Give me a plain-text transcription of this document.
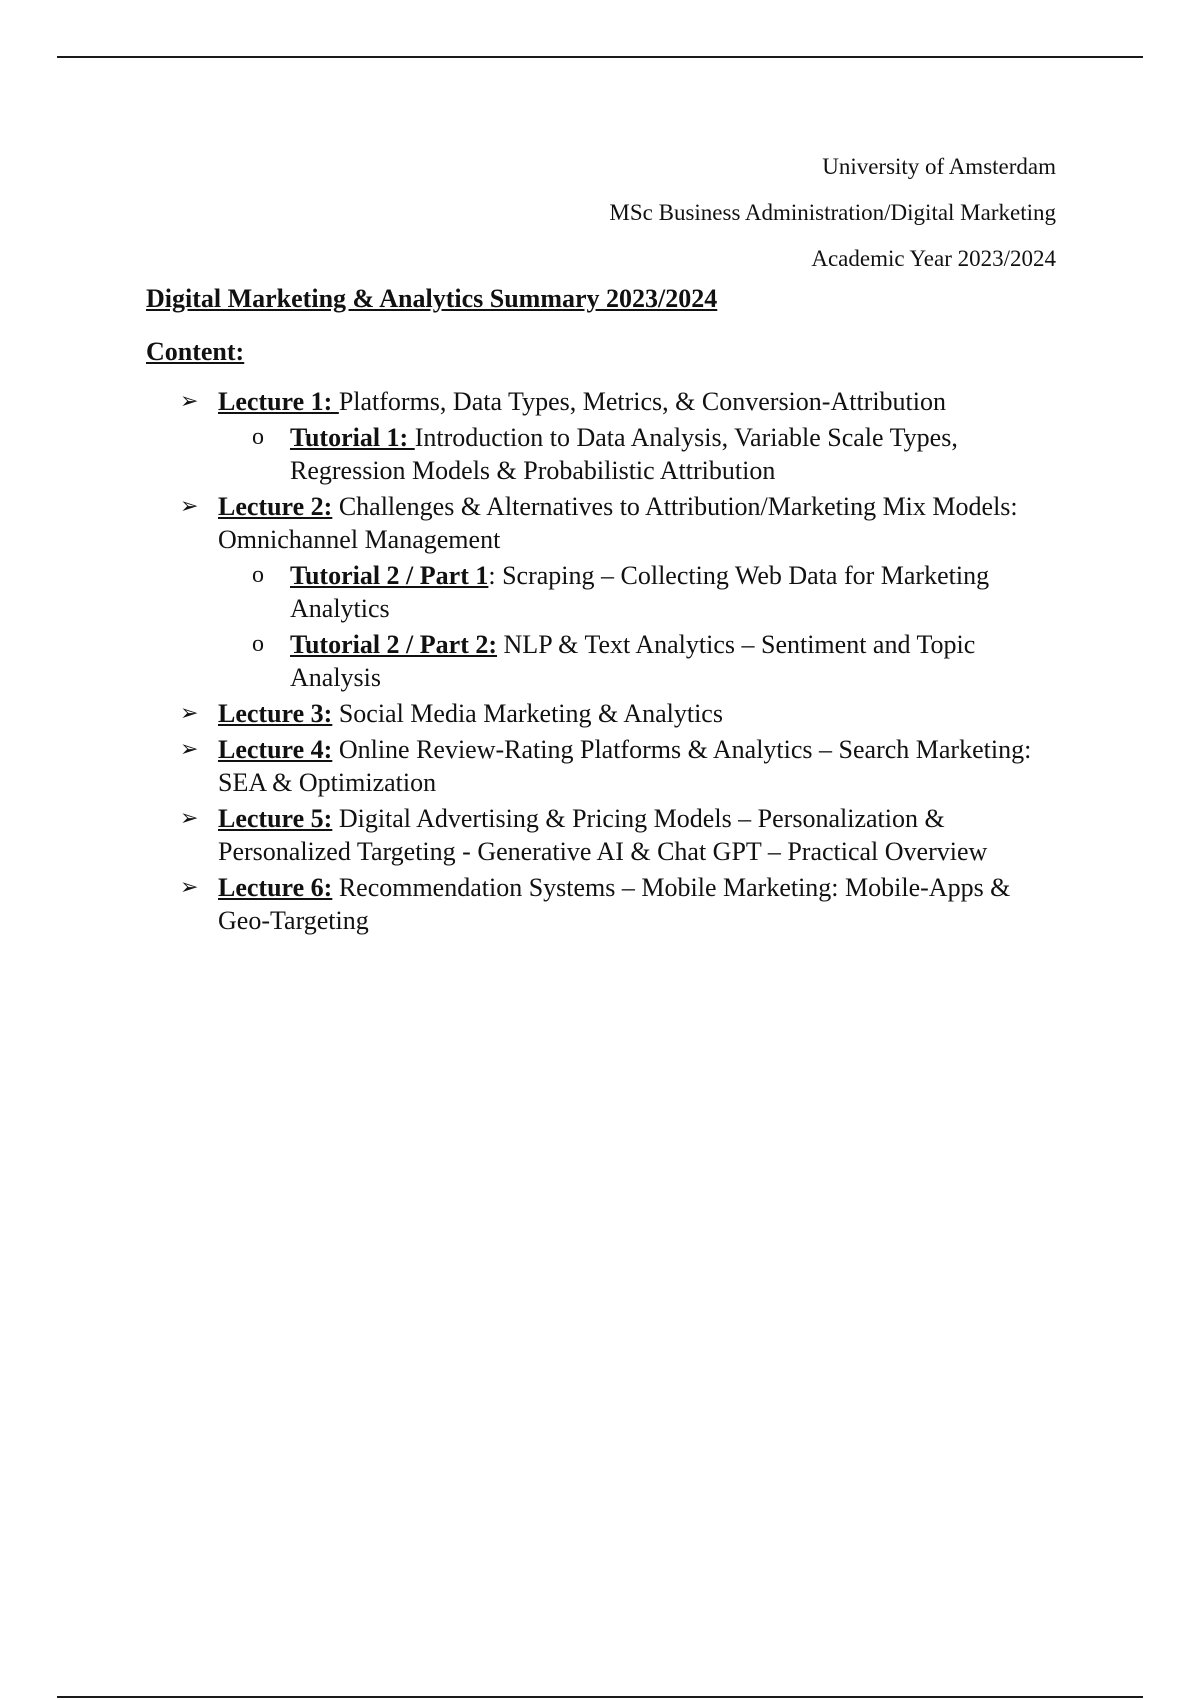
University of Amsterdam
MSc Business Administration/Digital Marketing
Academic Year 2023/2024
Digital Marketing & Analytics Summary 2023/2024
Content:
➢ Lecture 1: Platforms, Data Types, Metrics, & Conversion-Attribution
o Tutorial 1: Introduction to Data Analysis, Variable Scale Types, Regression Models & Probabilistic Attribution
➢ Lecture 2: Challenges & Alternatives to Attribution/Marketing Mix Models: Omnichannel Management
o Tutorial 2 / Part 1: Scraping – Collecting Web Data for Marketing Analytics
o Tutorial 2 / Part 2: NLP & Text Analytics – Sentiment and Topic Analysis
➢ Lecture 3: Social Media Marketing & Analytics
➢ Lecture 4: Online Review-Rating Platforms & Analytics – Search Marketing: SEA & Optimization
➢ Lecture 5: Digital Advertising & Pricing Models – Personalization & Personalized Targeting - Generative AI & Chat GPT – Practical Overview
➢ Lecture 6: Recommendation Systems – Mobile Marketing: Mobile-Apps & Geo-Targeting
